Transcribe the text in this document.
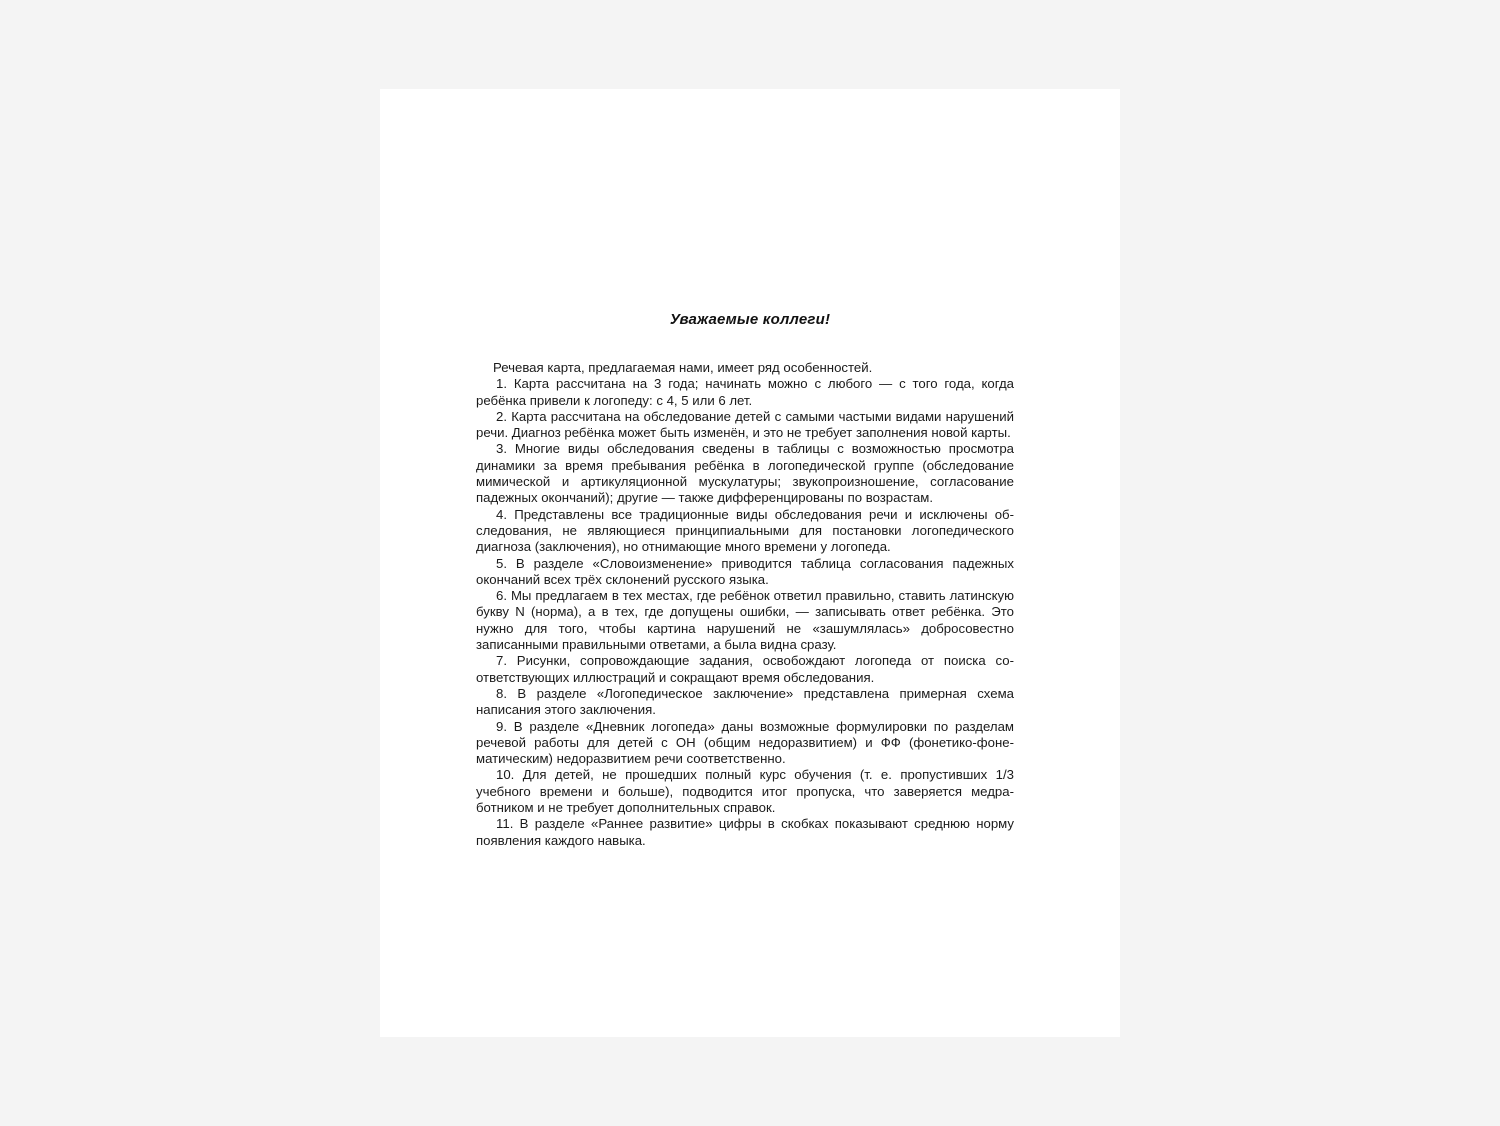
Уважаемые коллеги!

Речевая карта, предлагаемая нами, имеет ряд особенностей.

1. Карта рассчитана на 3 года; начинать можно с любого — с того года, когда ребёнка привели к логопеду: с 4, 5 или 6 лет.

2. Карта рассчитана на обследование детей с самыми частыми видами нарушений речи. Диагноз ребёнка может быть изменён, и это не требует заполнения новой карты.

3. Многие виды обследования сведены в таблицы с возможностью просмотра динамики за время пребывания ребёнка в логопедической группе (обследование мимической и артикуляционной мускулатуры; звукопроизношение, согласование падежных окончаний); другие — также дифференцированы по возрастам.

4. Представлены все традиционные виды обследования речи и исключены обследования, не являющиеся принципиальными для постановки логопедического диагноза (заключения), но отнимающие много времени у логопеда.

5. В разделе «Словоизменение» приводится таблица согласования падежных окончаний всех трёх склонений русского языка.

6. Мы предлагаем в тех местах, где ребёнок ответил правильно, ставить латинскую букву N (норма), а в тех, где допущены ошибки, — записывать ответ ребёнка. Это нужно для того, чтобы картина нарушений не «зашумлялась» добросовестно записанными правильными ответами, а была видна сразу.

7. Рисунки, сопровождающие задания, освобождают логопеда от поиска соответствующих иллюстраций и сокращают время обследования.

8. В разделе «Логопедическое заключение» представлена примерная схема написания этого заключения.

9. В разделе «Дневник логопеда» даны возможные формулировки по разделам речевой работы для детей с ОН (общим недоразвитием) и ФФ (фонетико-фонематическим) недоразвитием речи соответственно.

10. Для детей, не прошедших полный курс обучения (т. е. пропустивших 1/3 учебного времени и больше), подводится итог пропуска, что заверяется медработником и не требует дополнительных справок.

11. В разделе «Раннее развитие» цифры в скобках показывают среднюю норму появления каждого навыка.
